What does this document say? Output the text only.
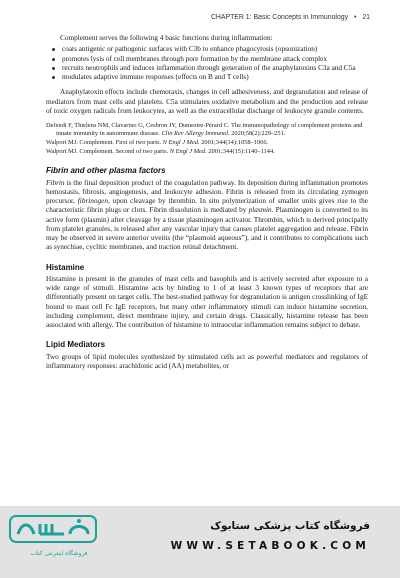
CHAPTER 1: Basic Concepts in Immunology • 21

Complement serves the following 4 basic functions during inflammation:

coats antigenic or pathogenic surfaces with C3b to enhance phagocytosis (opsonization)
promotes lysis of cell membranes through pore formation by the membrane attack complex
recruits neutrophils and induces inflammation through generation of the anaphylatoxins C3a and C5a
modulates adaptive immune responses (effects on B and T cells)

Anaphylatoxin effects include chemotaxis, changes in cell adhesiveness, and degranulation and release of mediators from mast cells and platelets. C5a stimulates oxidative metabolism and the production and release of toxic oxygen radicals from leukocytes, as well as the extracellular discharge of leukocyte granule contents.

Defendi F, Thielens NM, Clavarino G, Cesbron JY, Dumestre-Pérard C. The immunopathology of complement proteins and innate immunity in autoimmune disease. Clin Rev Allergy Immunol. 2020;58(2):229–251.
Walport MJ. Complement. First of two parts. N Engl J Med. 2001;344(14):1058–1066.
Walport MJ. Complement. Second of two parts. N Engl J Med. 2001;344(15):1140–1144.
Fibrin and other plasma factors

Fibrin is the final deposition product of the coagulation pathway. Its deposition during inflammation promotes hemostasis, fibrosis, angiogenesis, and leukocyte adhesion. Fibrin is released from its circulating zymogen precursor, fibrinogen, upon cleavage by thrombin. In situ polymerization of smaller units gives rise to the characteristic fibrin plugs or clots. Fibrin dissolution is mediated by plasmin. Plasminogen is converted to its active form (plasmin) after cleavage by a tissue plasminogen activator. Thrombin, which is derived principally from platelet granules, is released after any vascular injury that causes platelet aggregation and release. Fibrin may be observed in severe anterior uveitis (the “plasmoid aqueous”), and it contributes to complications such as synechiae, cyclitic membranes, and traction retinal detachment.

Histamine

Histamine is present in the granules of mast cells and basophils and is actively secreted after exposure to a wide range of stimuli. Histamine acts by binding to 1 of at least 3 known types of receptors that are differentially present on target cells. The best-studied pathway for degranulation is antigen crosslinking of IgE bound to mast cell Fc IgE receptors, but many other inflammatory stimuli can induce histamine secretion, including complement, direct membrane injury, and certain drugs. Classically, histamine release has been associated with allergy. The contribution of histamine to intraocular inflammation remains subject to debate.

Lipid Mediators

Two groups of lipid molecules synthesized by stimulated cells act as powerful mediators and regulators of inflammatory responses: arachidonic acid (AA) metabolites, or

فروشگاه اینترنتی کتاب
فروشگاه کتاب پزشکی ستابوک
WWW.SETABOOK.COM
